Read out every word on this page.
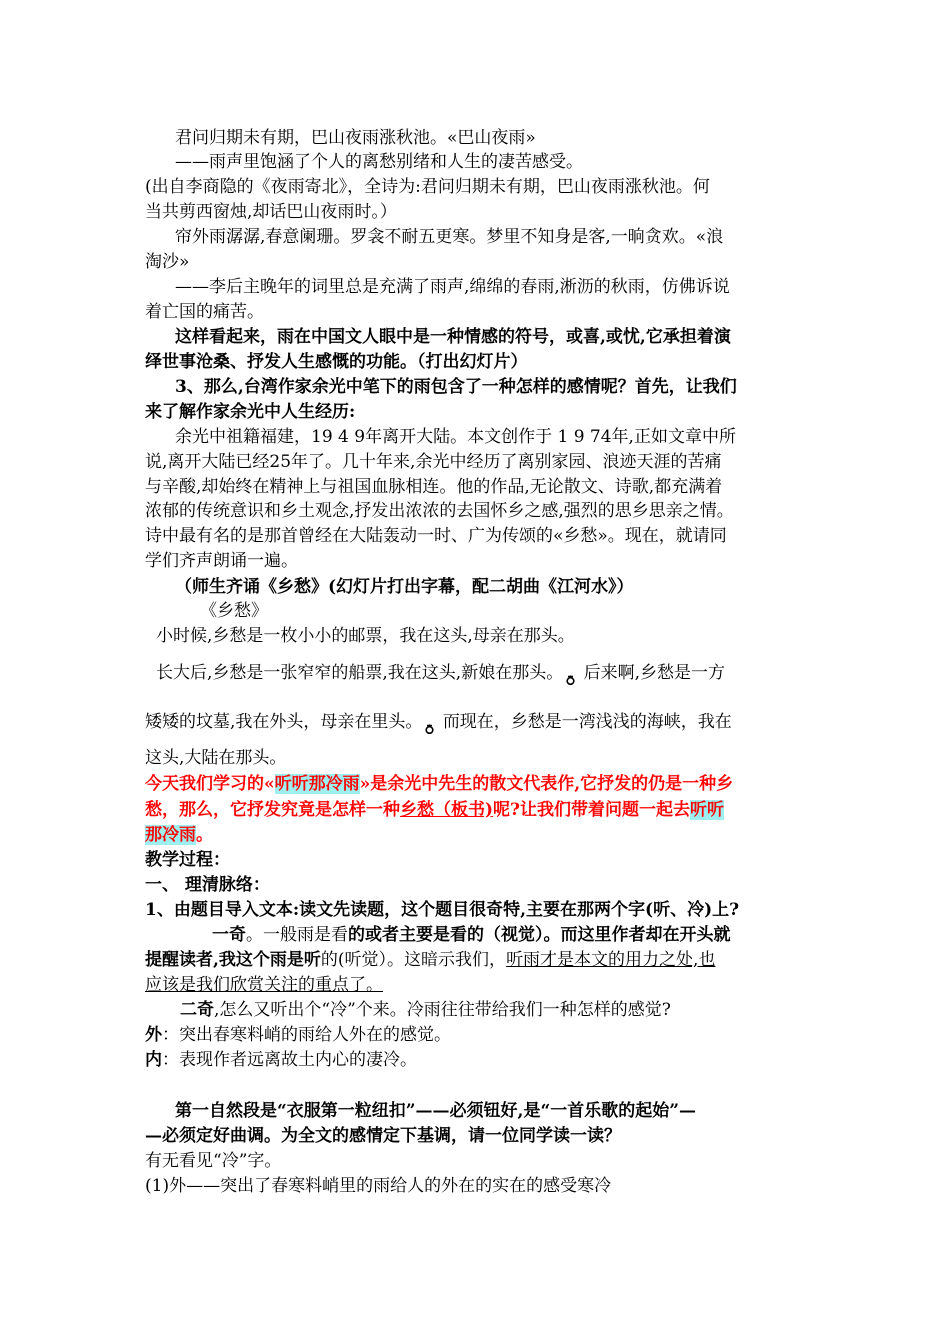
君问归期未有期，巴山夜雨涨秋池。«巴山夜雨»
——雨声里饱涵了个人的离愁别绪和人生的凄苦感受。
(出自李商隐的《夜雨寄北》，全诗为:君问归期未有期，巴山夜雨涨秋池。何
当共剪西窗烛,却话巴山夜雨时。）
帘外雨潺潺,春意阑珊。罗衾不耐五更寒。梦里不知身是客,一晌贪欢。«浪
淘沙»
——李后主晚年的词里总是充满了雨声,绵绵的春雨,淅沥的秋雨，仿佛诉说
着亡国的痛苦。
这样看起来，雨在中国文人眼中是一种情感的符号，或喜,或忧,它承担着演
绎世事沧桑、抒发人生感慨的功能。（打出幻灯片）
3、那么,台湾作家余光中笔下的雨包含了一种怎样的感情呢？首先，让我们
来了解作家余光中人生经历:
余光中祖籍福建，19 4 9年离开大陆。本文创作于 1 9 74年,正如文章中所
说,离开大陆已经25年了。几十年来,余光中经历了离别家园、浪迹天涯的苦痛
与辛酸,却始终在精神上与祖国血脉相连。他的作品,无论散文、诗歌,都充满着
浓郁的传统意识和乡土观念,抒发出浓浓的去国怀乡之感,强烈的思乡思亲之情。
诗中最有名的是那首曾经在大陆轰动一时、广为传颂的«乡愁»。现在，就请同
学们齐声朗诵一遍。
（师生齐诵《乡愁》(幻灯片打出字幕，配二胡曲《江河水》）
《乡愁》
小时候,乡愁是一枚小小的邮票，我在这头,母亲在那头。
长大后,乡愁是一张窄窄的船票,我在这头,新娘在那头。 后来啊,乡愁是一方
矮矮的坟墓,我在外头，母亲在里头。 而现在，乡愁是一湾浅浅的海峡，我在
这头,大陆在那头。
今天我们学习的«听听那冷雨»是余光中先生的散文代表作,它抒发的仍是一种乡
愁，那么，它抒发究竟是怎样一种乡愁（板书)呢?让我们带着问题一起去听听
那冷雨。
教学过程：
一、 理清脉络：
1、由题目导入文本:读文先读题，这个题目很奇特,主要在那两个字(听、冷)上?
一奇。一般雨是看的或者主要是看的（视觉）。而这里作者却在开头就
提醒读者,我这个雨是听的(听觉）。这暗示我们，听雨才是本文的用力之处,也
应该是我们欣赏关注的重点了。
二奇,怎么又听出个“冷”个来。冷雨往往带给我们一种怎样的感觉?
外：突出春寒料峭的雨给人外在的感觉。
内：表现作者远离故土内心的凄冷。
第一自然段是“衣服第一粒纽扣”——必须钮好,是“一首乐歌的起始”—
—必须定好曲调。为全文的感情定下基调，请一位同学读一读？
有无看见“冷”字。
(1)外——突出了春寒料峭里的雨给人的外在的实在的感受寒冷
